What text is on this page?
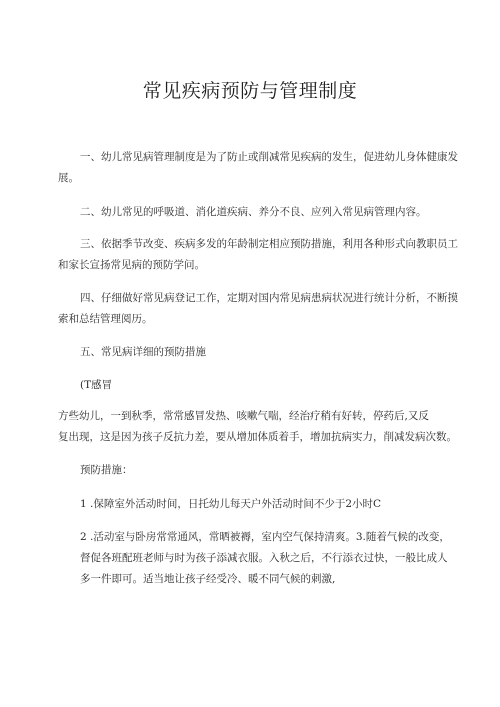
常见疾病预防与管理制度

一、幼儿常见病管理制度是为了防止或削减常见疾病的发生，促进幼儿身体健康发
展。

二、幼儿常见的呼吸道、消化道疾病、养分不良、应列入常见病管理内容。

三、依据季节改变、疾病多发的年龄制定相应预防措施，利用各种形式向教职员工
和家长宣扬常见病的预防学问。

四、仔细做好常见病登记工作，定期对国内常见病患病状况进行统计分析，不断摸
索和总结管理阅历。

五、常见病详细的预防措施

(T感冒

方些幼儿，一到秋季，常常感冒发热、咳嗽气喘，经治疗稍有好转，停药后,又反
复出现，这是因为孩子反抗力差，要从增加体质着手，增加抗病实力，削减发病次数。

预防措施：

1 .保障室外活动时间，日托幼儿每天户外活动时间不少于2小时C

2 .活动室与卧房常常通风，常晒被褥，室内空气保持清爽。3.随着气候的改变，
督促各班配班老师与时为孩子添减衣服。入秋之后，不行添衣过快，一般比成人
多一件即可。适当地让孩子经受冷、暖不同气候的刺激,
